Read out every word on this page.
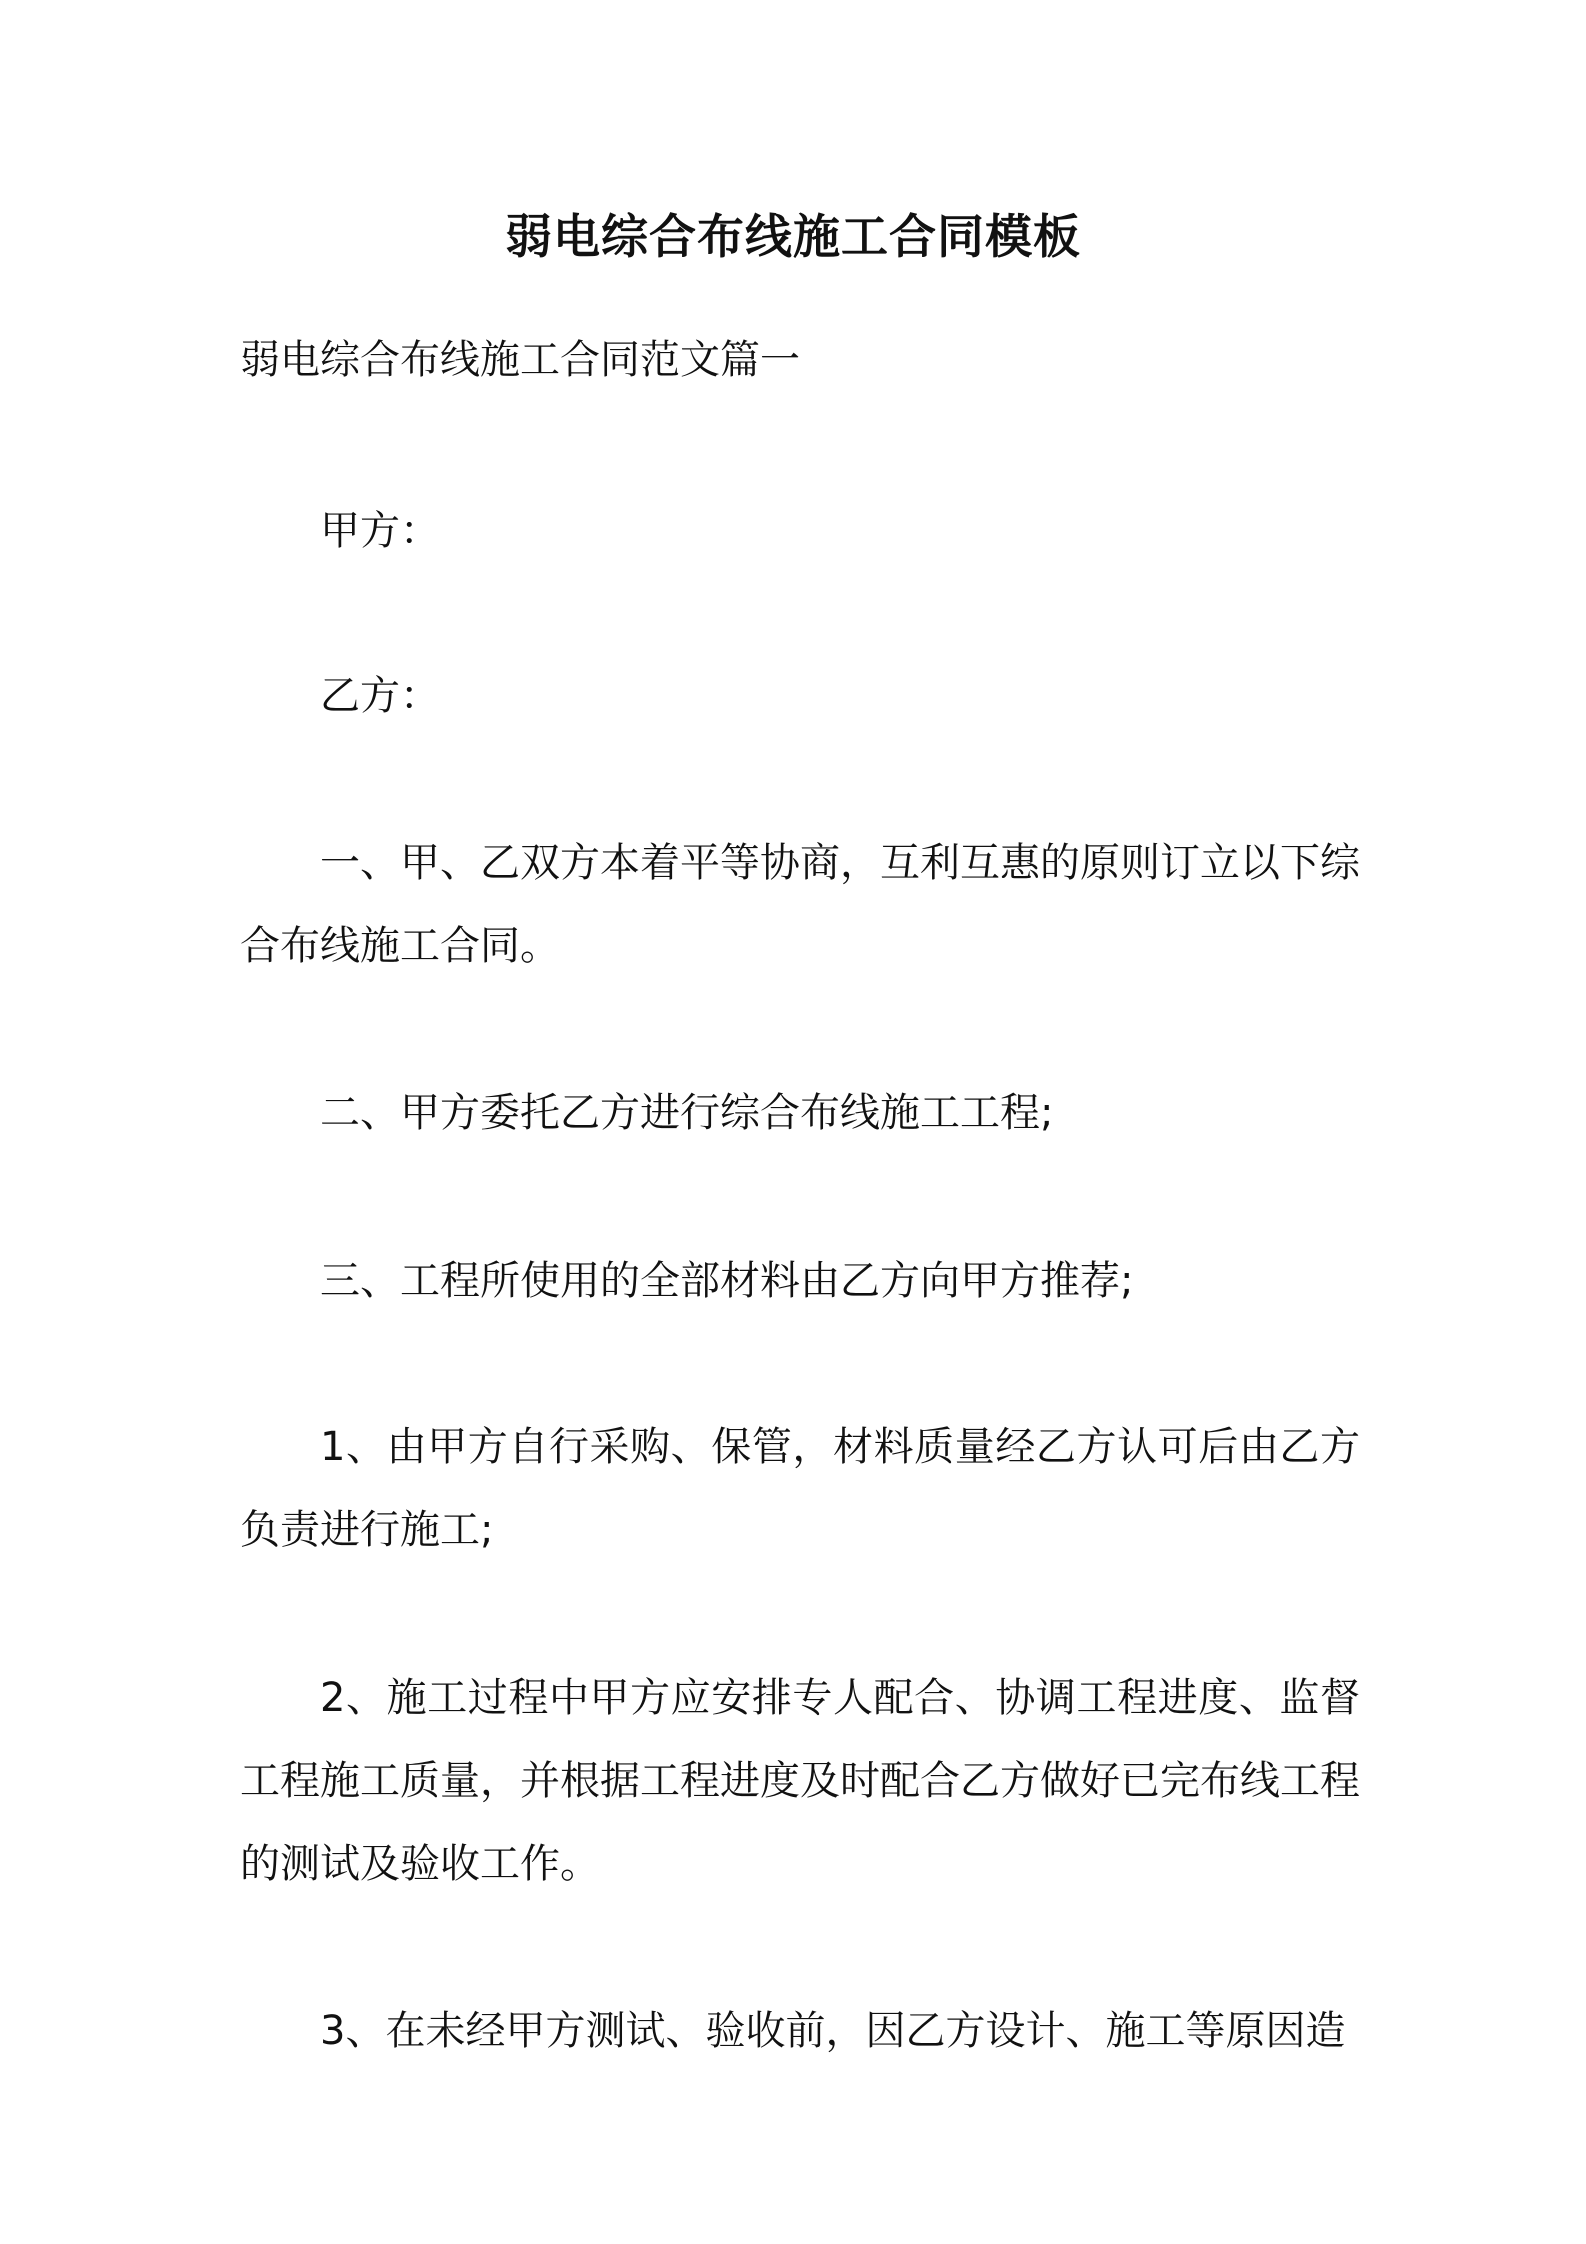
弱电综合布线施工合同模板
弱电综合布线施工合同范文篇一
甲方：
乙方：
一、甲、乙双方本着平等协商，互利互惠的原则订立以下综合布线施工合同。
二、甲方委托乙方进行综合布线施工工程;
三、工程所使用的全部材料由乙方向甲方推荐;
1、由甲方自行采购、保管，材料质量经乙方认可后由乙方负责进行施工;
2、施工过程中甲方应安排专人配合、协调工程进度、监督工程施工质量，并根据工程进度及时配合乙方做好已完布线工程的测试及验收工作。
3、在未经甲方测试、验收前，因乙方设计、施工等原因造
